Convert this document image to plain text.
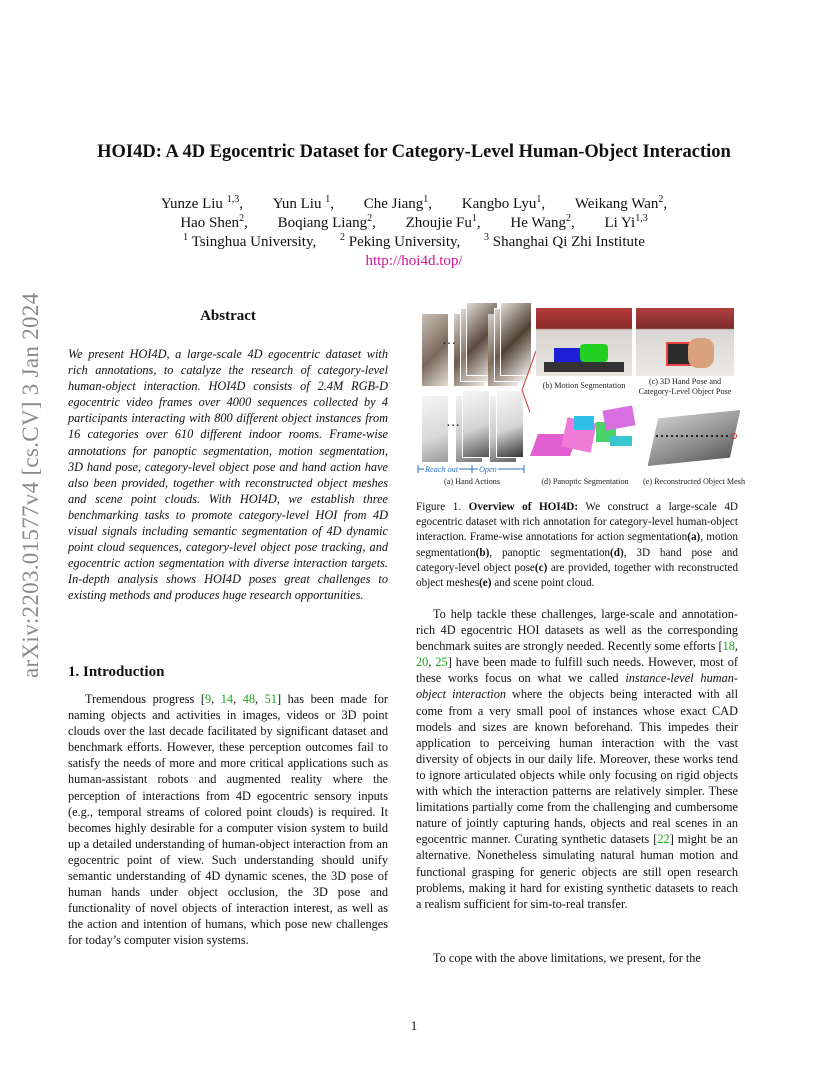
arXiv:2203.01577v4 [cs.CV] 3 Jan 2024
HOI4D: A 4D Egocentric Dataset for Category-Level Human-Object Interaction
Yunze Liu $^{1,3}$, Yun Liu $^1$, Che Jiang$^1$, Kangbo Lyu$^1$, Weikang Wan$^2$,
Hao Shen$^2$, Boqiang Liang$^2$, Zhoujie Fu$^1$, He Wang$^2$, Li Yi$^{1,3}$
$^1$ Tsinghua University, $^2$ Peking University, $^3$ Shanghai Qi Zhi Institute
http://hoi4d.top/
Abstract
We present HOI4D, a large-scale 4D egocentric dataset with rich annotations, to catalyze the research of category-level human-object interaction. HOI4D consists of 2.4M RGB-D egocentric video frames over 4000 sequences collected by 4 participants interacting with 800 different object instances from 16 categories over 610 different indoor rooms. Frame-wise annotations for panoptic segmentation, motion segmentation, 3D hand pose, category-level object pose and hand action have also been provided, together with reconstructed object meshes and scene point clouds. With HOI4D, we establish three benchmarking tasks to promote category-level HOI from 4D visual signals including semantic segmentation of 4D dynamic point cloud sequences, category-level object pose tracking, and egocentric action segmentation with diverse interaction targets. In-depth analysis shows HOI4D poses great challenges to existing methods and produces huge research opportunities.
1. Introduction
Tremendous progress [9, 14, 48, 51] has been made for naming objects and activities in images, videos or 3D point clouds over the last decade facilitated by significant dataset and benchmark efforts. However, these perception outcomes fail to satisfy the needs of more and more critical applications such as human-assistant robots and augmented reality where the perception of interactions from 4D egocentric sensory inputs (e.g., temporal streams of colored point clouds) is required. It becomes highly desirable for a computer vision system to build up a detailed understanding of human-object interaction from an egocentric point of view. Such understanding should unify semantic understanding of 4D dynamic scenes, the 3D pose of human hands under object occlusion, the 3D pose and functionality of novel objects of interaction interest, as well as the action and intention of humans, which pose new challenges for today’s computer vision systems.
…
…
Reach out	Open
(a) Hand Actions
(b) Motion Segmentation	(c) 3D Hand Pose and
Category-Level Object Pose
(d) Panoptic Segmentation	(e) Reconstructed Object Mesh
Figure 1. Overview of HOI4D: We construct a large-scale 4D egocentric dataset with rich annotation for category-level human-object interaction. Frame-wise annotations for action segmentation(a), motion segmentation(b), panoptic segmentation(d), 3D hand pose and category-level object pose(c) are provided, together with reconstructed object meshes(e) and scene point cloud.
To help tackle these challenges, large-scale and annotation-rich 4D egocentric HOI datasets as well as the corresponding benchmark suites are strongly needed. Recently some efforts [18, 20, 25] have been made to fulfill such needs. However, most of these works focus on what we called instance-level human-object interaction where the objects being interacted with all come from a very small pool of instances whose exact CAD models and sizes are known beforehand. This impedes their application to perceiving human interaction with the vast diversity of objects in our daily life. Moreover, these works tend to ignore articulated objects while only focusing on rigid objects with which the interaction patterns are relatively simpler. These limitations partially come from the challenging and cumbersome nature of jointly capturing hands, objects and real scenes in an egocentric manner. Curating synthetic datasets [22] might be an alternative. Nonetheless simulating natural human motion and functional grasping for generic objects are still open research problems, making it hard for existing synthetic datasets to reach a realism sufficient for sim-to-real transfer.
To cope with the above limitations, we present, for the
1
